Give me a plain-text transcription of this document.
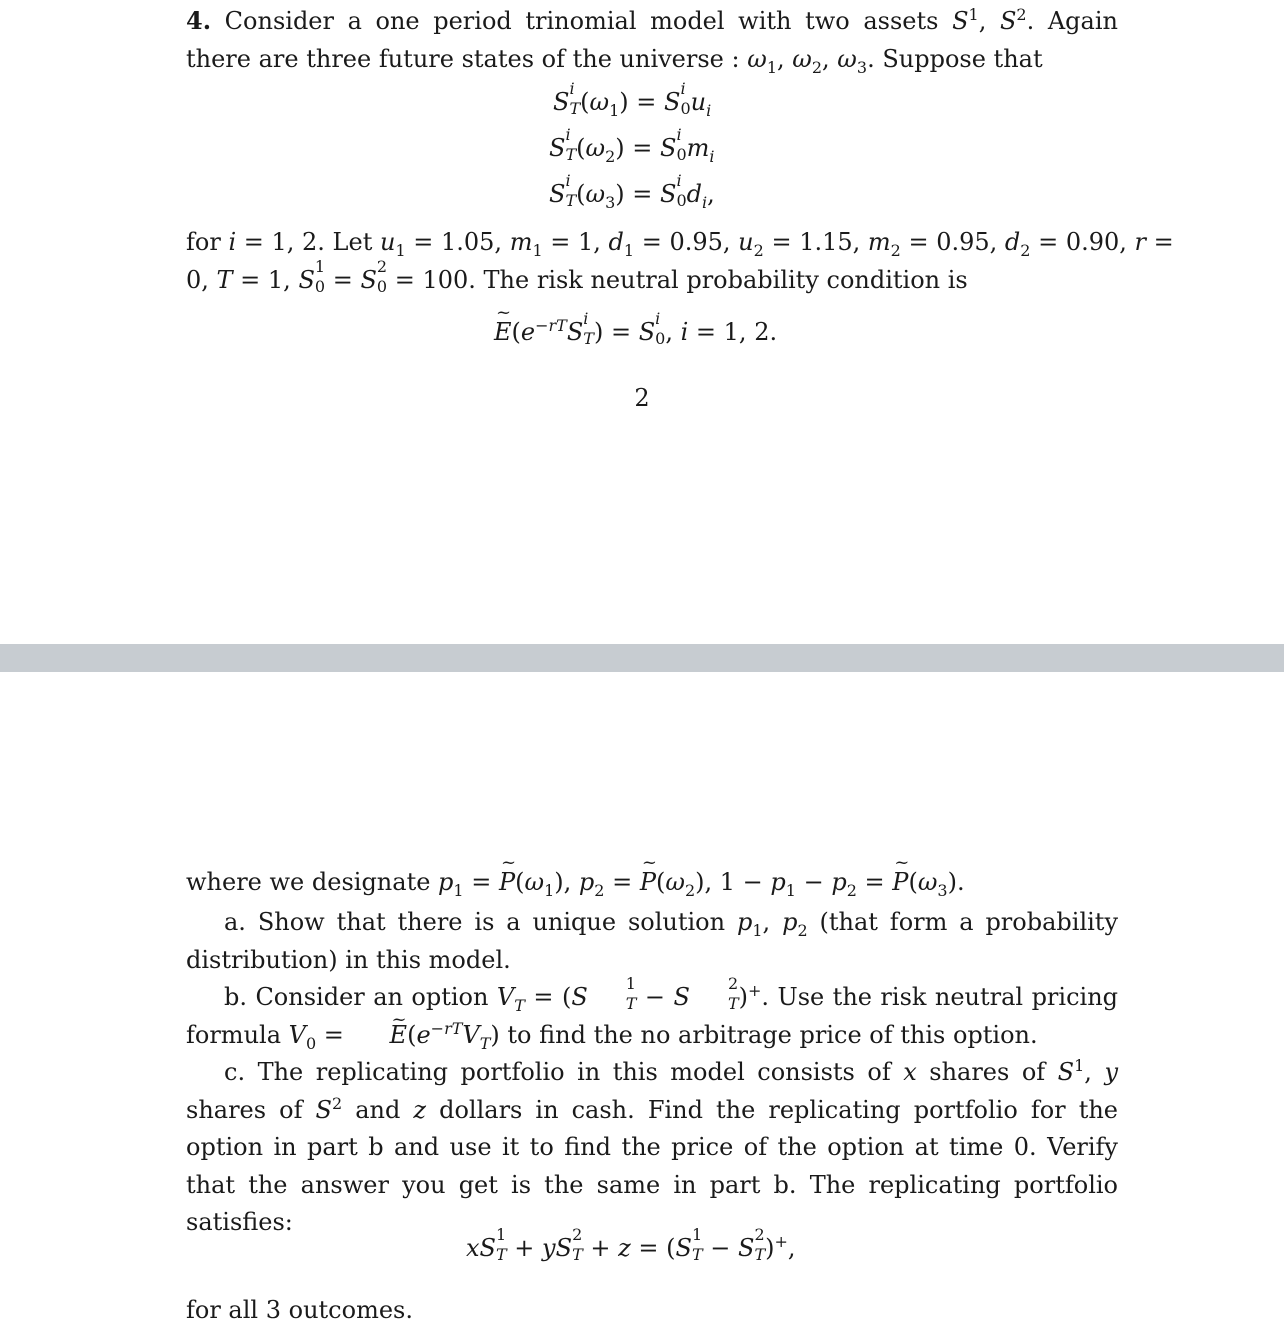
4. Consider a one period trinomial model with two assets $S^1$, $S^2$. Again there are three future states of the universe : $\omega_1$, $\omega_2$, $\omega_3$. Suppose that
S i
T $(\omega_1) = S$ i
0 $u_i$
S i
T $(\omega_2) = S$ i
0 $m_i$
S i
T $(\omega_3) = S$ i
0 $d_i$,
for i = 1, 2. Let $u_1 = 1.05$, $m_1 = 1$, $d_1 = 0.95$, $u_2 = 1.15$, $m_2 = 0.95$, $d_2 = 0.90$, r =
0, T = 1, S 1
0 = S 2
0 = 100. The risk neutral probability condition is
E $\sim(e^{-rT}S$ i
T ) = S i
0 , i = 1, 2.
2
where we designate $p_1 = P$ $\sim(\omega_1)$, $p_2 = P$ $\sim(\omega_2)$, $1 - p_1 - p_2 = P$ $\sim(\omega_3)$.
a. Show that there is a unique solution $p_1$, $p_2$ (that form a probability distribution) in this model.
b. Consider an option $V_T = (S$	1
T − S	2
T )+. Use the risk neutral pricing formula $V_0 = E$ $\sim(e^{-rT}V_T)$ to find the no arbitrage price of this option.
c. The replicating portfolio in this model consists of x shares of $S^1$, y shares of $S^2$ and z dollars in cash. Find the replicating portfolio for the option in part b and use it to find the price of the option at time 0. Verify that the answer you get is the same in part b. The replicating portfolio satisfies:
xS 1
T + yS 2
T + z = (S 1
T − S 2
T )+,
for all 3 outcomes.
